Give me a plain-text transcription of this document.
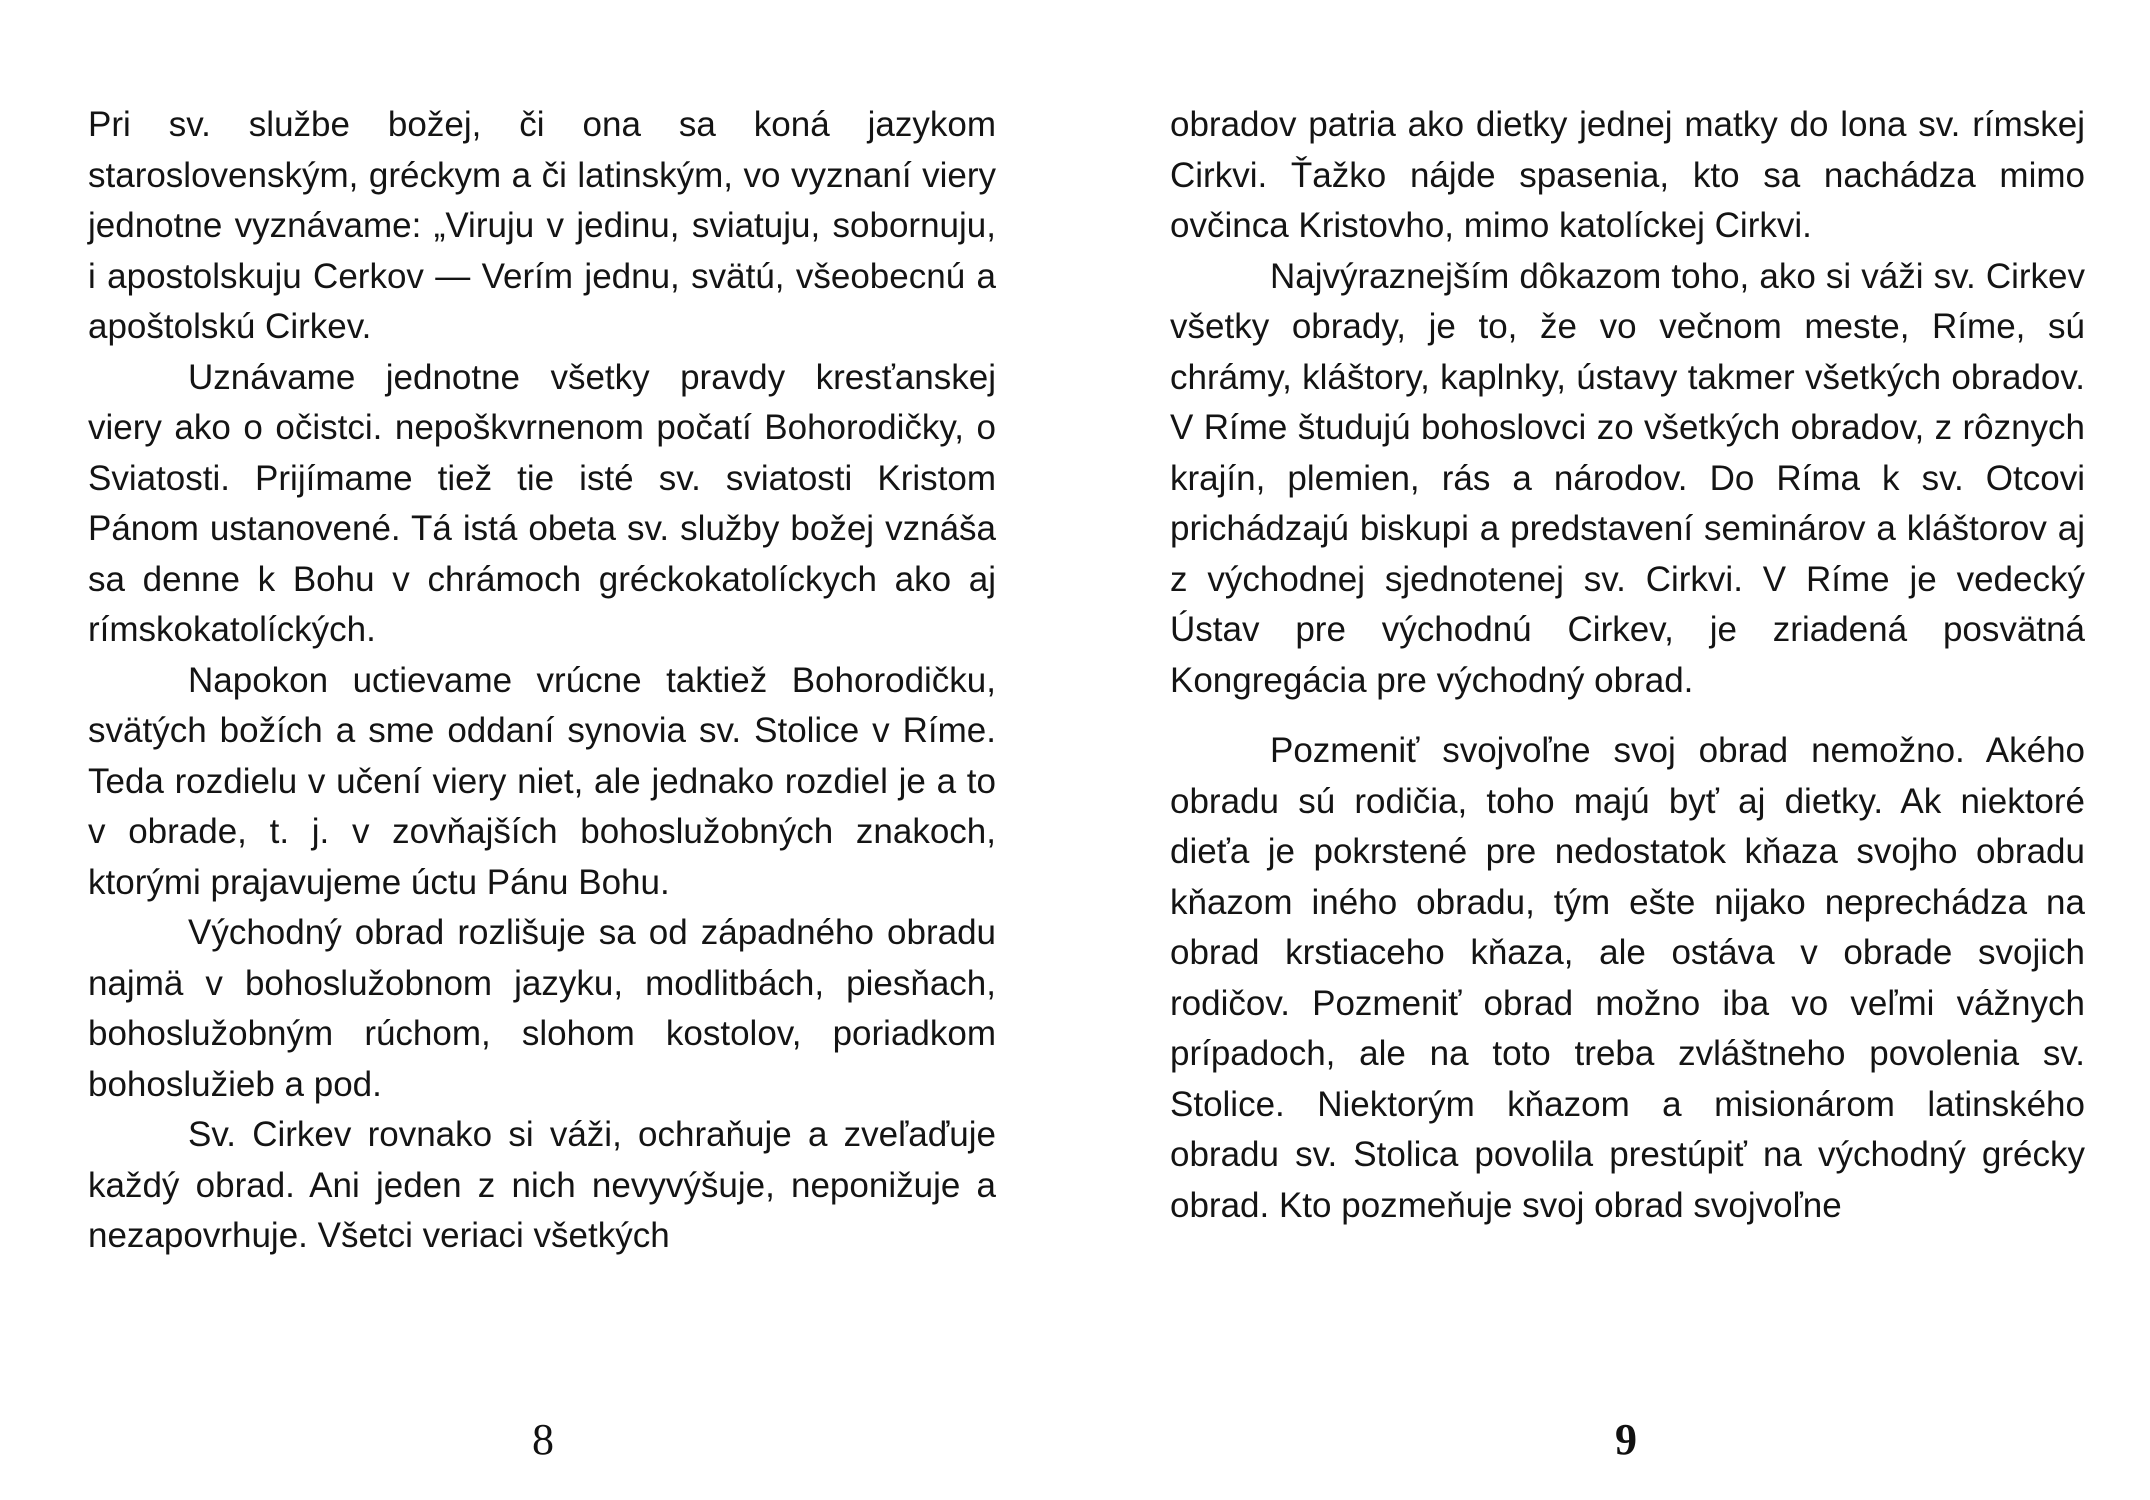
Pri sv. službe božej, či ona sa koná jazykom staroslovenským, gréckym a či latinským, vo vyznaní viery jednotne vyznávame: „Viruju v jedinu, sviatuju, sobornuju, i apostolskuju Cerkov — Verím jednu, svätú, všeobecnú a apoštolskú Cirkev.

Uznávame jednotne všetky pravdy kresťanskej viery ako o očistci. nepoškvrnenom počatí Bohorodičky, o Sviatosti. Prijímame tiež tie isté sv. sviatosti Kristom Pánom ustanovené. Tá istá obeta sv. služby božej vznáša sa denne k Bohu v chrámoch gréckokatolíckych ako aj rímskokatolíckých.

Napokon uctievame vrúcne taktiež Bohorodičku, svätých božích a sme oddaní synovia sv. Stolice v Ríme. Teda rozdielu v učení viery niet, ale jednako rozdiel je a to v obrade, t. j. v zovňajších bohoslužobných znakoch, ktorými prajavujeme úctu Pánu Bohu.

Východný obrad rozlišuje sa od západného obradu najmä v bohoslužobnom jazyku, modlitbách, piesňach, bohoslužobným rúchom, slohom kostolov, poriadkom bohoslužieb a pod.

Sv. Cirkev rovnako si váži, ochraňuje a zveľaďuje každý obrad. Ani jeden z nich nevyvýšuje, neponižuje a nezapovrhuje. Všetci veriaci všetkých

8

obradov patria ako dietky jednej matky do lona sv. rímskej Cirkvi. Ťažko nájde spasenia, kto sa nachádza mimo ovčinca Kristovho, mimo katolíckej Cirkvi.

Najvýraznejším dôkazom toho, ako si váži sv. Cirkev všetky obrady, je to, že vo večnom meste, Ríme, sú chrámy, kláštory, kaplnky, ústavy takmer všetkých obradov. V Ríme študujú bohoslovci zo všetkých obradov, z rôznych krajín, plemien, rás a národov. Do Ríma k sv. Otcovi prichádzajú biskupi a predstavení seminárov a kláštorov aj z východnej sjednotenej sv. Cirkvi. V Ríme je vedecký Ústav pre východnú Cirkev, je zriadená posvätná Kongregácia pre východný obrad.

Pozmeniť svojvoľne svoj obrad nemožno. Akého obradu sú rodičia, toho majú byť aj dietky. Ak niektoré dieťa je pokrstené pre nedostatok kňaza svojho obradu kňazom iného obradu, tým ešte nijako neprechádza na obrad krstiaceho kňaza, ale ostáva v obrade svojich rodičov. Pozmeniť obrad možno iba vo veľmi vážnych prípadoch, ale na toto treba zvláštneho povolenia sv. Stolice. Niektorým kňazom a misionárom latinského obradu sv. Stolica povolila prestúpiť na východný grécky obrad. Kto pozmeňuje svoj obrad svojvoľne

9
